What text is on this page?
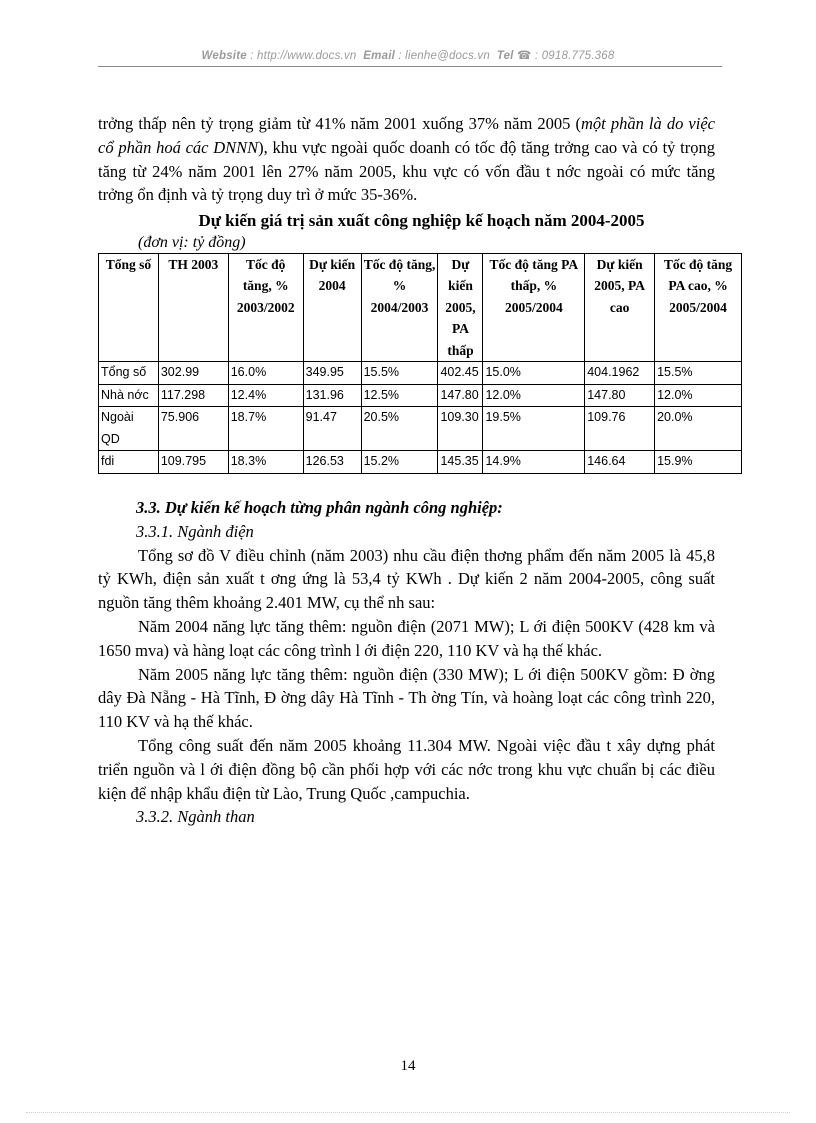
Website : http://www.docs.vn Email : lienhe@docs.vn Tel ☎ : 0918.775.368

trởng thấp nên tỷ trọng giảm từ 41% năm 2001 xuống 37% năm 2005 (một phần là do việc cổ phần hoá các DNNN), khu vực ngoài quốc doanh có tốc độ tăng trởng cao và có tỷ trọng tăng từ 24% năm 2001 lên 27% năm 2005, khu vực có vốn đầu t nớc ngoài có mức tăng trởng ổn định và tỷ trọng duy trì ở mức 35-36%.

Dự kiến giá trị sản xuất công nghiệp kế hoạch năm 2004-2005
(đơn vị: tỷ đồng)
Tổng số	TH 2003	Tốc độ tăng, % 2003/2002	Dự kiến 2004	Tốc độ tăng, % 2004/2003	Dự kiến 2005, PA thấp	Tốc độ tăng PA thấp, % 2005/2004	Dự kiến 2005, PA cao	Tốc độ tăng PA cao, % 2005/2004
Tổng số	302.99	16.0%	349.95	15.5%	402.45	15.0%	404.1962	15.5%
Nhà nớc	117.298	12.4%	131.96	12.5%	147.80	12.0%	147.80	12.0%
Ngoài QD	75.906	18.7%	91.47	20.5%	109.30	19.5%	109.76	20.0%
fdi	109.795	18.3%	126.53	15.2%	145.35	14.9%	146.64	15.9%

3.3. Dự kiến kế hoạch từng phân ngành công nghiệp:

3.3.1. Ngành điện

Tổng sơ đồ V điều chỉnh (năm 2003) nhu cầu điện thơng phẩm đến năm 2005 là 45,8 tỷ KWh, điện sản xuất t ơng ứng là 53,4 tỷ KWh . Dự kiến 2 năm 2004-2005, công suất nguồn tăng thêm khoảng 2.401 MW, cụ thể nh sau:

Năm 2004 năng lực tăng thêm: nguồn điện (2071 MW); L ới điện 500KV (428 km và 1650 mva) và hàng loạt các công trình l ới điện 220, 110 KV và hạ thế khác.

Năm 2005 năng lực tăng thêm: nguồn điện (330 MW); L ới điện 500KV gồm: Đ ờng dây Đà Nẵng - Hà Tĩnh, Đ ờng dây Hà Tĩnh - Th ờng Tín, và hoàng loạt các công trình 220, 110 KV và hạ thế khác.

Tổng công suất đến năm 2005 khoảng 11.304 MW. Ngoài việc đầu t xây dựng phát triển nguồn và l ới điện đồng bộ cần phối hợp với các nớc trong khu vực chuẩn bị các điều kiện để nhập khẩu điện từ Lào, Trung Quốc ,campuchia.

3.3.2. Ngành than

14
